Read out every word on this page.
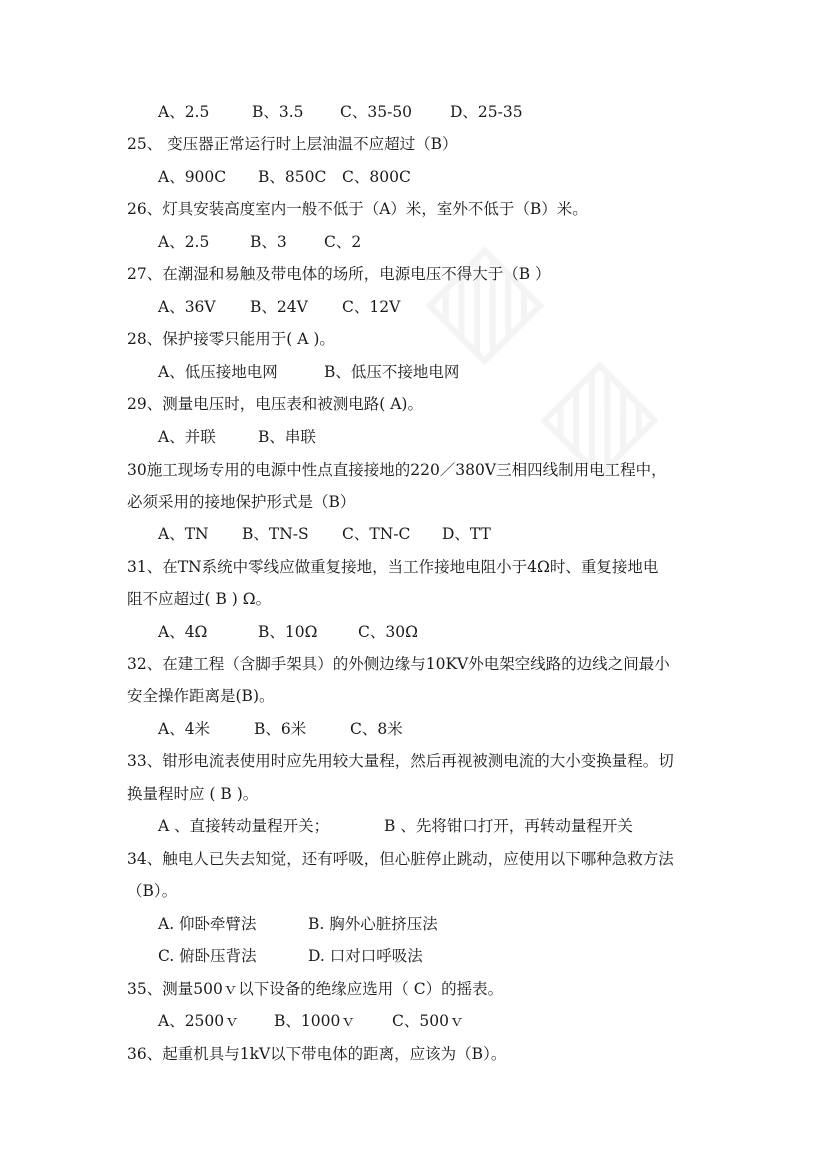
A、2.5	B、3.5 C、35-50 D、25-35
25、 变压器正常运行时上层油温不应超过（B）
A、900C B、850C C、800C
26、灯具安装高度室内一般不低于（A）米，室外不低于（B）米。
A、2.5	B、3 C、2
27、在潮湿和易触及带电体的场所，电源电压不得大于（B ）
A、36V B、24V C、12V
28、保护接零只能用于( A )。
A、低压接地电网	B、低压不接地电网
29、测量电压时，电压表和被测电路( A)。
A、并联	B、串联
30施工现场专用的电源中性点直接接地的220／380V三相四线制用电工程中，
必须采用的接地保护形式是（B）
A、TN B、TN-S C、TN-C D、TT
31、在TN系统中零线应做重复接地，当工作接地电阻小于4Ω时、重复接地电
阻不应超过( B ) Ω。
A、4Ω	B、10Ω	C、30Ω
32、在建工程（含脚手架具）的外侧边缘与10KV外电架空线路的边线之间最小
安全操作距离是(B)。
A、4米	B、6米	C、8米
33、钳形电流表使用时应先用较大量程，然后再视被测电流的大小变换量程。切
换量程时应 ( B )。
A 、直接转动量程开关；	B 、先将钳口打开，再转动量程开关
34、触电人已失去知觉，还有呼吸，但心脏停止跳动，应使用以下哪种急救方法
（B）。
A. 仰卧牵臂法	B. 胸外心脏挤压法
C. 俯卧压背法	D. 口对口呼吸法
35、测量500ｖ以下设备的绝缘应选用（ C）的摇表。
A、2500ｖ B、1000ｖ C、500ｖ
36、起重机具与1kV以下带电体的距离，应该为（B）。
